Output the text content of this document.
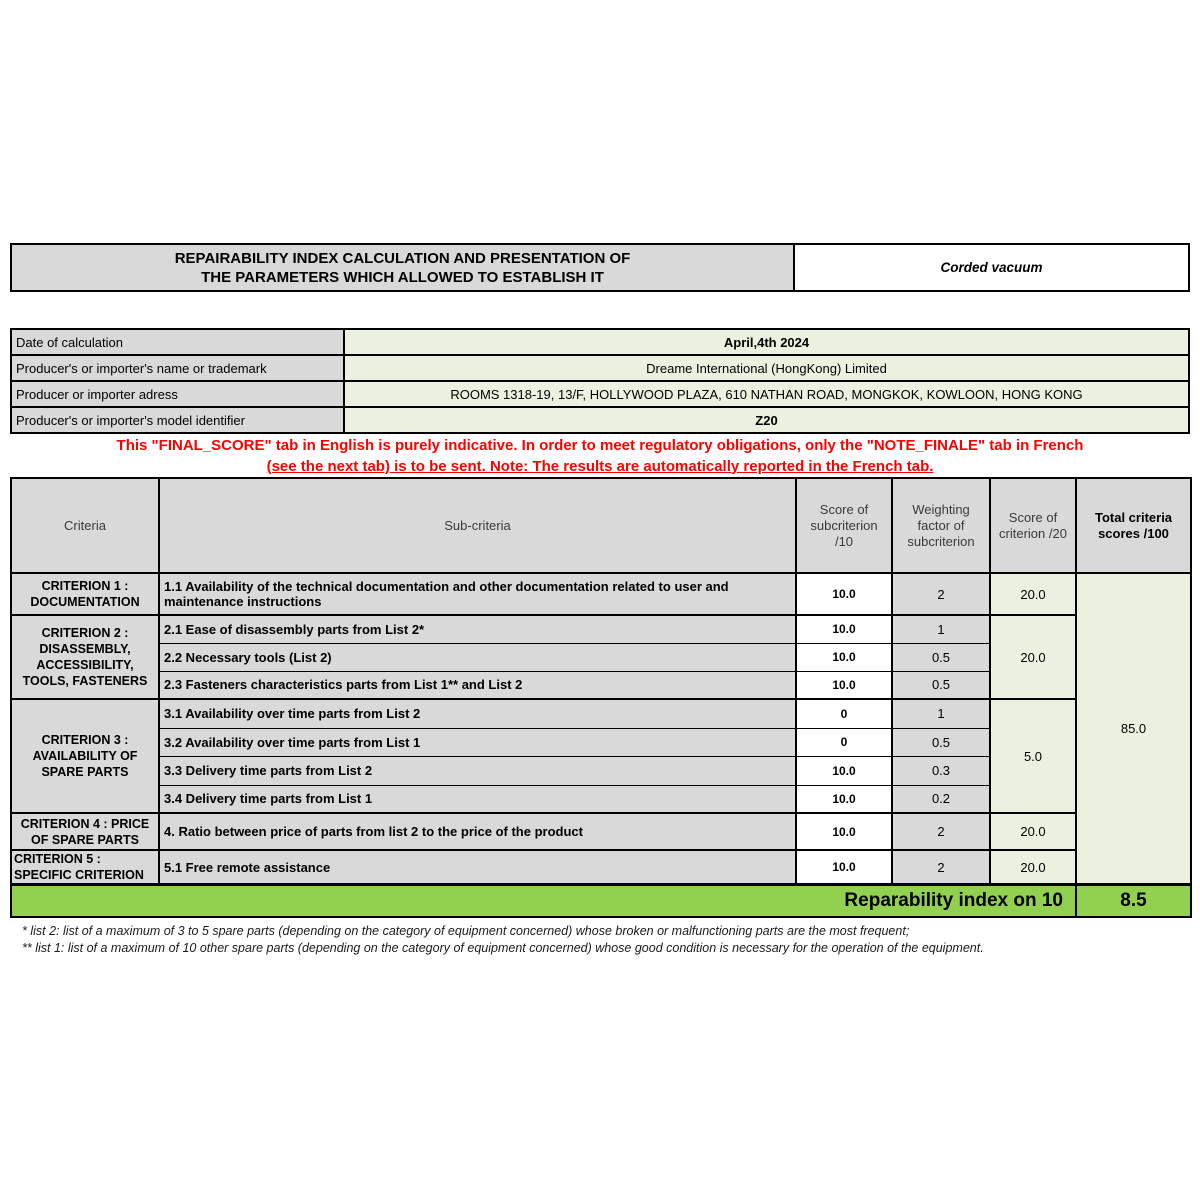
REPAIRABILITY INDEX CALCULATION AND PRESENTATION OF
THE PARAMETERS WHICH ALLOWED TO ESTABLISH IT
Corded vacuum
Date of calculation	April,4th 2024
Producer's or importer's name or trademark	Dreame International (HongKong) Limited
Producer or importer adress	ROOMS 1318-19, 13/F, HOLLYWOOD PLAZA, 610 NATHAN ROAD, MONGKOK, KOWLOON, HONG KONG
Producer's or importer's model identifier	Z20
This "FINAL_SCORE" tab in English is purely indicative. In order to meet regulatory obligations, only the "NOTE_FINALE" tab in French
(see the next tab) is to be sent. Note: The results are automatically reported in the French tab.
Criteria	Sub-criteria	Score of subcriterion /10	Weighting factor of subcriterion	Score of criterion /20	Total criteria scores /100
CRITERION 1 : DOCUMENTATION	1.1 Availability of the technical documentation and other documentation related to user and maintenance instructions	10.0	2	20.0	85.0
CRITERION 2 : DISASSEMBLY, ACCESSIBILITY, TOOLS, FASTENERS	2.1 Ease of disassembly parts from List 2*	10.0	1	20.0	
	2.2 Necessary tools (List 2)	10.0	0.5		
	2.3 Fasteners characteristics parts from List 1** and List 2	10.0	0.5		
CRITERION 3 : AVAILABILITY OF SPARE PARTS	3.1 Availability over time parts from List 2	0	1	5.0	
	3.2 Availability over time parts from List 1	0	0.5		
	3.3 Delivery time parts from List 2	10.0	0.3		
	3.4 Delivery time parts from List 1	10.0	0.2		
CRITERION 4 : PRICE OF SPARE PARTS	4. Ratio between price of parts from list 2 to the price of the product	10.0	2	20.0	
CRITERION 5 : SPECIFIC CRITERION	5.1 Free remote assistance	10.0	2	20.0	
Reparability index on 10					8.5
* list 2: list of a maximum of 3 to 5 spare parts (depending on the category of equipment concerned) whose broken or malfunctioning parts are the most frequent;
** list 1: list of a maximum of 10 other spare parts (depending on the category of equipment concerned) whose good condition is necessary for the operation of the equipment.
